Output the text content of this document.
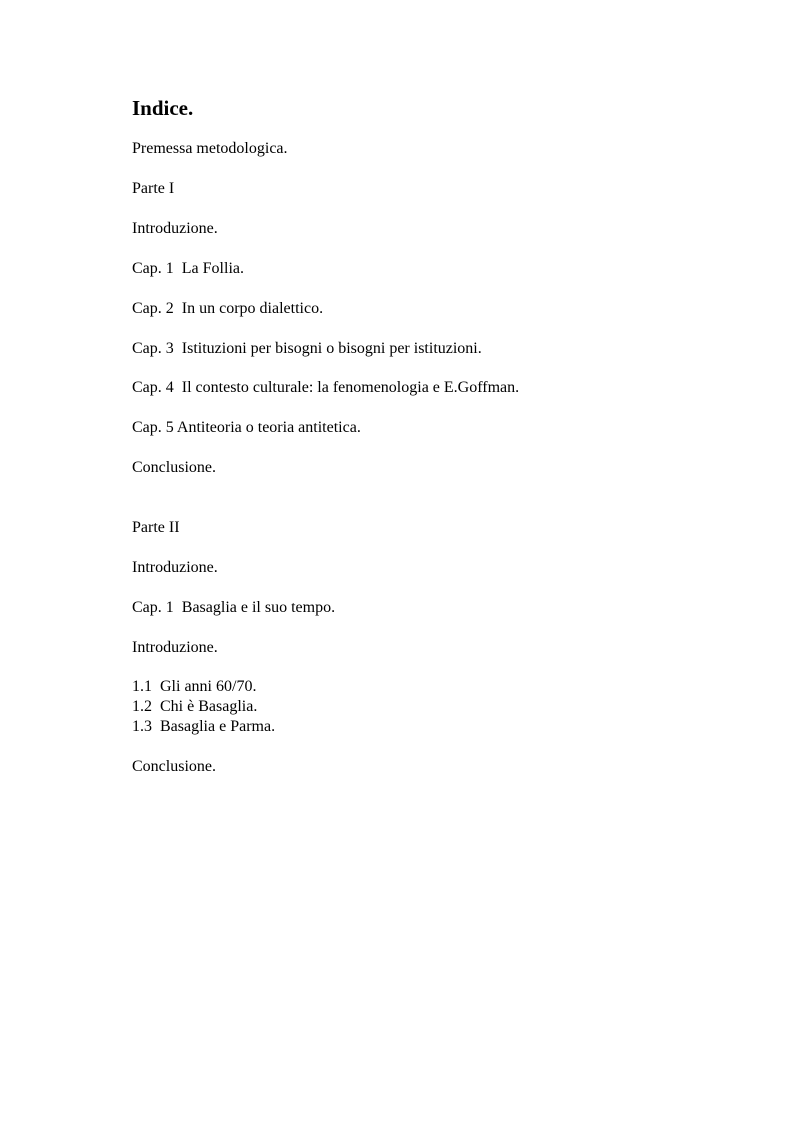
Indice.

Premessa metodologica.

Parte I

Introduzione.

Cap. 1  La Follia.

Cap. 2  In un corpo dialettico.

Cap. 3  Istituzioni per bisogni o bisogni per istituzioni.

Cap. 4  Il contesto culturale: la fenomenologia e E.Goffman.

Cap. 5 Antiteoria o teoria antitetica.

Conclusione.

Parte II

Introduzione.

Cap. 1  Basaglia e il suo tempo.

Introduzione.

1.1  Gli anni 60/70.

1.2  Chi è Basaglia.

1.3  Basaglia e Parma.

Conclusione.
